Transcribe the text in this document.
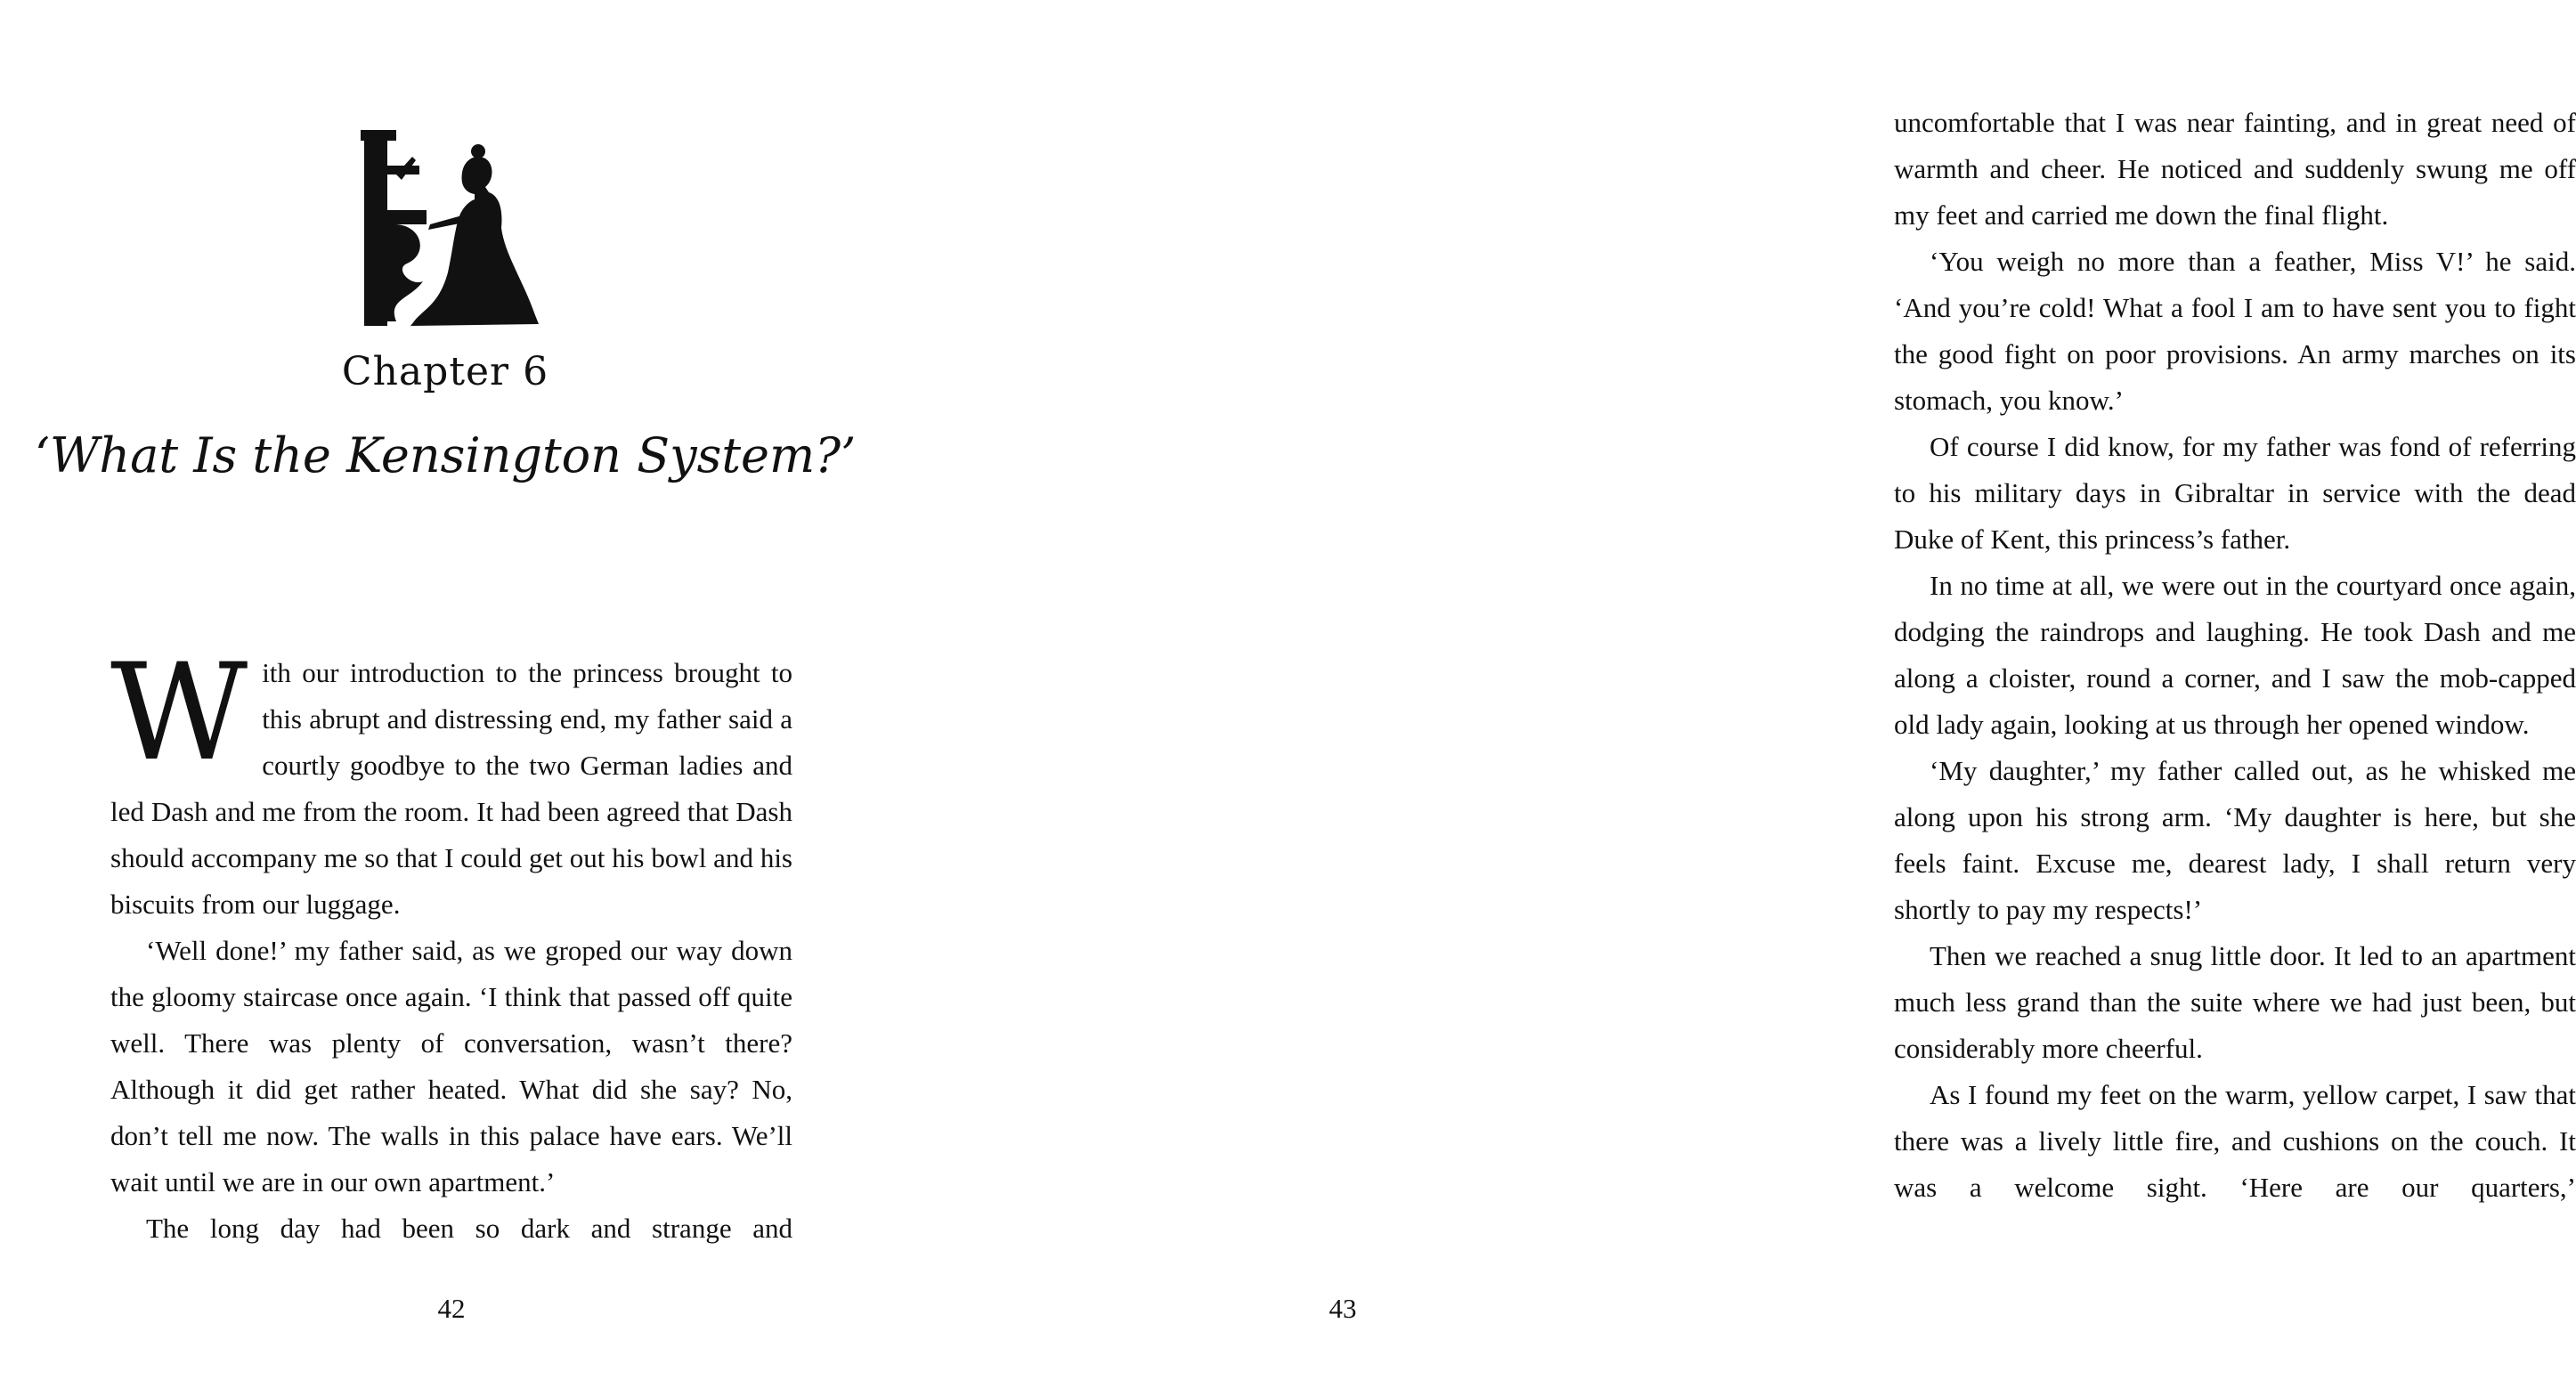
Chapter 6
‘What Is the Kensington System?’

With our introduction to the princess brought to this abrupt and distressing end, my father said a courtly goodbye to the two German ladies and led Dash and me from the room. It had been agreed that Dash should accompany me so that I could get out his bowl and his biscuits from our luggage.

‘Well done!’ my father said, as we groped our way down the gloomy staircase once again. ‘I think that passed off quite well. There was plenty of conversation, wasn’t there? Although it did get rather heated. What did she say? No, don’t tell me now. The walls in this palace have ears. We’ll wait until we are in our own apartment.’

The long day had been so dark and strange and

42

uncomfortable that I was near fainting, and in great need of warmth and cheer. He noticed and suddenly swung me off my feet and carried me down the final flight.

‘You weigh no more than a feather, Miss V!’ he said. ‘And you’re cold! What a fool I am to have sent you to fight the good fight on poor provisions. An army marches on its stomach, you know.’

Of course I did know, for my father was fond of referring to his military days in Gibraltar in service with the dead Duke of Kent, this princess’s father.

In no time at all, we were out in the courtyard once again, dodging the raindrops and laughing. He took Dash and me along a cloister, round a corner, and I saw the mob-capped old lady again, looking at us through her opened window.

‘My daughter,’ my father called out, as he whisked me along upon his strong arm. ‘My daughter is here, but she feels faint. Excuse me, dearest lady, I shall return very shortly to pay my respects!’

Then we reached a snug little door. It led to an apartment much less grand than the suite where we had just been, but considerably more cheerful.

As I found my feet on the warm, yellow carpet, I saw that there was a lively little fire, and cushions on the couch. It was a welcome sight. ‘Here are our quarters,’

43
